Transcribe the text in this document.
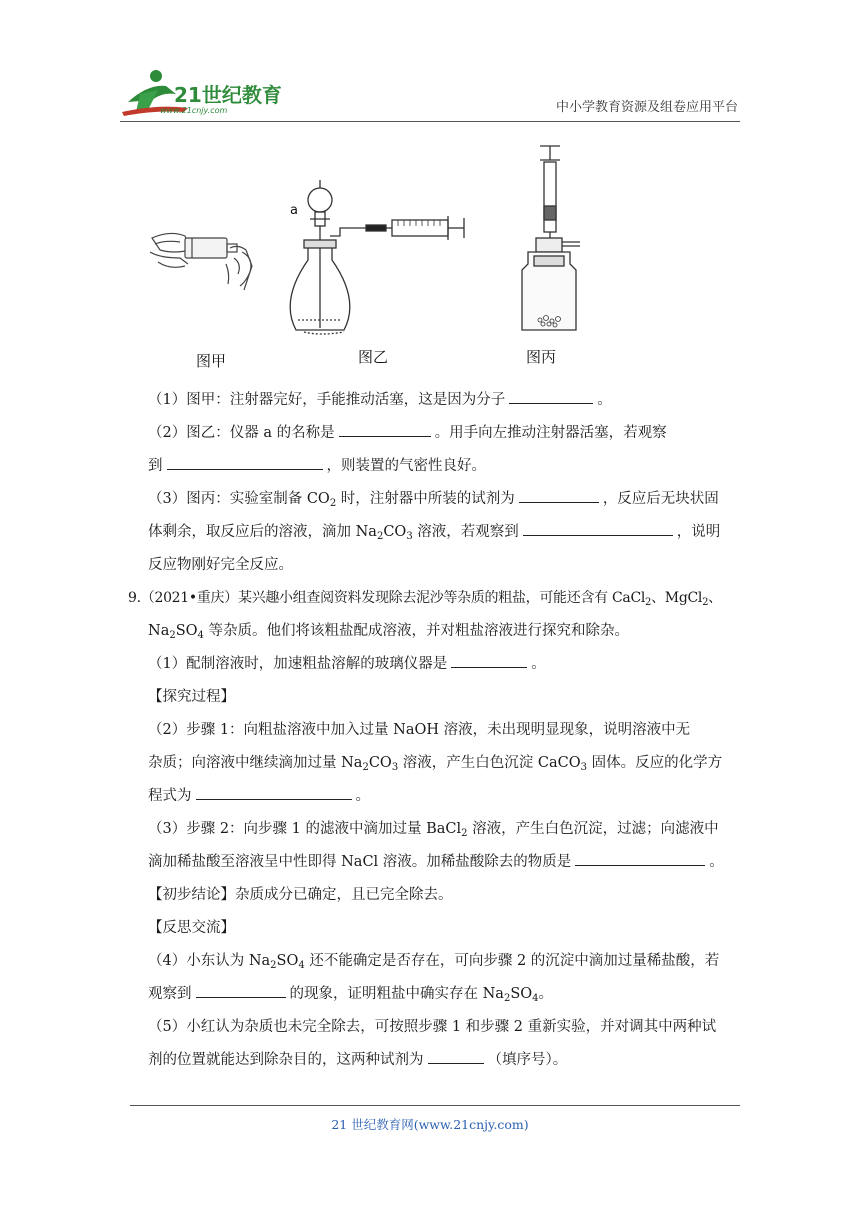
21世纪教育
www.21cnjy.com	中小学教育资源及组卷应用平台
a
图甲	图乙	图丙

（1）图甲：注射器完好，手能推动活塞，这是因为分子	。

（2）图乙：仪器 a 的名称是	。用手向左推动注射器活塞，若观察

到	，则装置的气密性良好。

（3）图丙：实验室制备 $CO_2$ 时，注射器中所装的试剂为	，反应后无块状固

体剩余，取反应后的溶液，滴加 $Na_2CO_3$ 溶液，若观察到	，说明

反应物刚好完全反应。

9.（2021•重庆）某兴趣小组查阅资料发现除去泥沙等杂质的粗盐，可能还含有 CaCl$_2$、MgCl$_2$、

$Na_2SO_4$ 等杂质。他们将该粗盐配成溶液，并对粗盐溶液进行探究和除杂。

（1）配制溶液时，加速粗盐溶解的玻璃仪器是	。

【探究过程】

（2）步骤 1：向粗盐溶液中加入过量 NaOH 溶液，未出现明显现象，说明溶液中无

杂质；向溶液中继续滴加过量 $Na_2CO_3$ 溶液，产生白色沉淀 CaCO$_3$ 固体。反应的化学方

程式为	。

（3）步骤 2：向步骤 1 的滤液中滴加过量 BaCl$_2$ 溶液，产生白色沉淀，过滤；向滤液中

滴加稀盐酸至溶液呈中性即得 NaCl 溶液。加稀盐酸除去的物质是	。

【初步结论】杂质成分已确定，且已完全除去。

【反思交流】

（4）小东认为 $Na_2SO_4$ 还不能确定是否存在，可向步骤 2 的沉淀中滴加过量稀盐酸，若

观察到	的现象，证明粗盐中确实存在 $Na_2SO_4$。

（5）小红认为杂质也未完全除去，可按照步骤 1 和步骤 2 重新实验，并对调其中两种试

剂的位置就能达到除杂目的，这两种试剂为	（填序号）。

21 世纪教育网(www.21cnjy.com)
